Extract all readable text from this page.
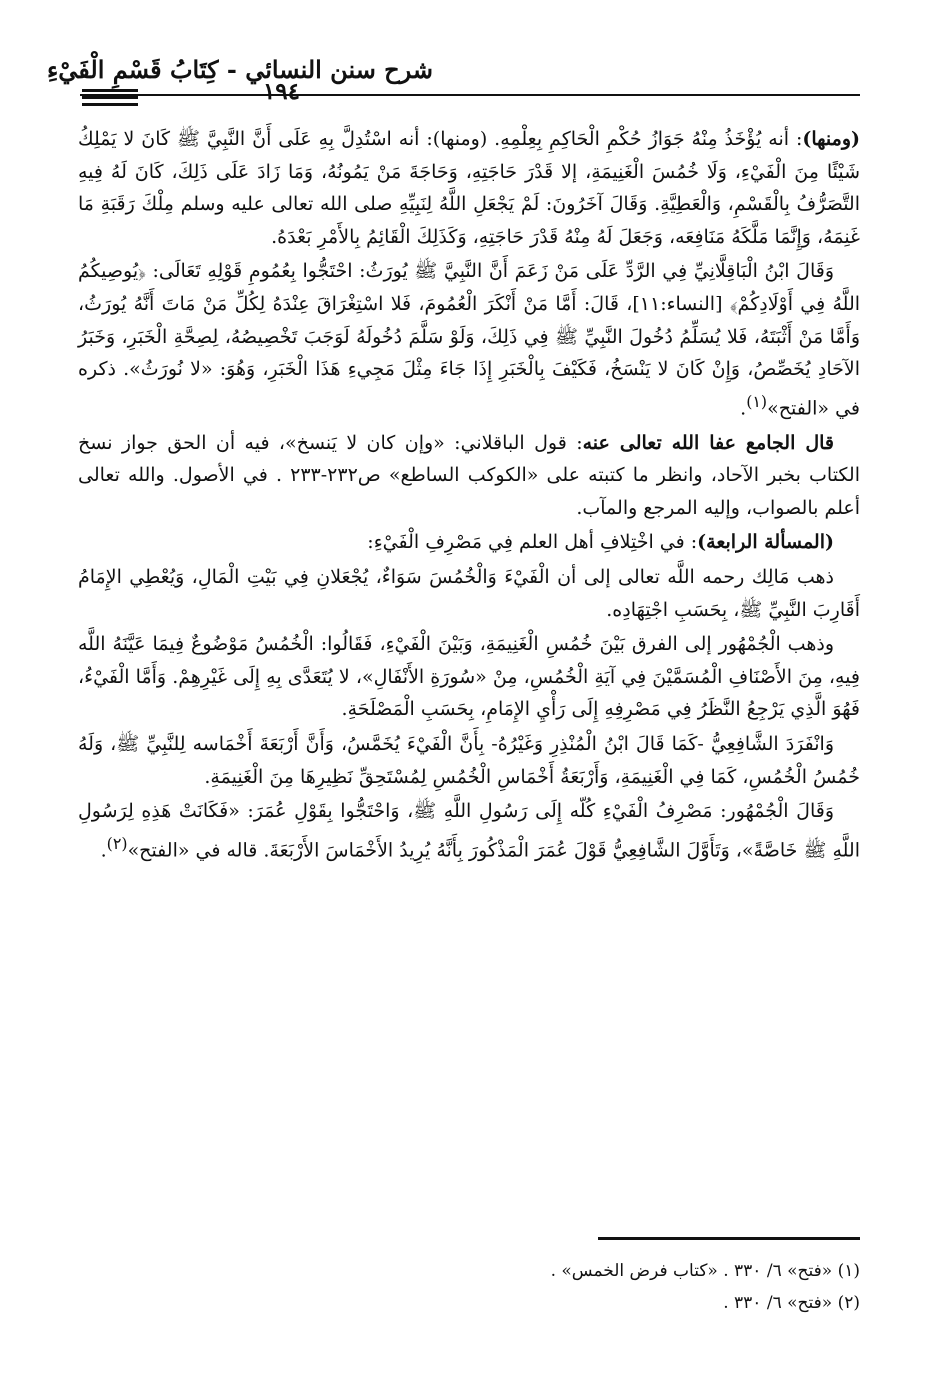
شرح سنن النسائي - كِتَابُ قَسْمِ الْفَيْءِ
١٩٤

(ومنها): أنه يُؤْخَذُ مِنْهُ جَوَازُ حُكْمِ الْحَاكِمِ بِعِلْمِهِ. (ومنها): أنه اسْتُدِلَّ بِهِ عَلَى أَنَّ النَّبِيَّ ﷺ كَانَ لا يَمْلِكُ شَيْئًا مِنَ الْفَيْءِ، وَلَا خُمُسَ الْغَنِيمَةِ، إلا قَدْرَ حَاجَتِهِ، وَحَاجَةَ مَنْ يَمُونُهُ، وَمَا زَادَ عَلَى ذَلِكَ، كَانَ لَهُ فِيهِ التَّصَرُّفُ بِالْقَسْمِ، وَالْعَطِيَّةِ. وَقَالَ آخَرُونَ: لَمْ يَجْعَلِ اللَّهُ لِنَبِيِّهِ صلى الله تعالى عليه وسلم مِلْكَ رَقَبَةِ مَا غَنِمَهُ، وَإِنَّمَا مَلَّكَهُ مَنَافِعَه، وَجَعَلَ لَهُ مِنْهُ قَدْرَ حَاجَتِهِ، وَكَذَلِكَ الْقَائِمُ بِالأَمْرِ بَعْدَهُ.

وَقَالَ ابْنُ الْبَاقِلَّانِيِّ فِي الرَّدِّ عَلَى مَنْ زَعَمَ أَنَّ النَّبِيَّ ﷺ يُورَثُ: احْتَجُّوا بِعُمُومِ قَوْلِهِ تَعَالَى: ﴿يُوصِيكُمُ اللَّهُ فِي أَوْلَادِكُمْ﴾ [النساء:١١]، قَالَ: أَمَّا مَنْ أَنْكَرَ الْعُمُومَ، فَلا اسْتِغْرَاقَ عِنْدَهُ لِكُلِّ مَنْ مَاتَ أَنَّهُ يُورَثُ، وَأَمَّا مَنْ أَثْبَتَهُ، فَلا يُسَلِّمُ دُخُولَ النَّبِيِّ ﷺ فِي ذَلِكَ، وَلَوْ سَلَّمَ دُخُولَهُ لَوَجَبَ تَخْصِيصُهُ، لِصِحَّةِ الْخَبَرِ، وَخَبَرُ الآحَادِ يُخَصِّصُ، وَإِنْ كَانَ لا يَنْسَخُ، فَكَيْفَ بِالْخَبَرِ إِذَا جَاءَ مِثْلَ مَجِيءِ هَذَا الْخَبَرِ، وَهُوَ: «لا نُورَثُ». ذكره في «الفتح»$^{(١)}$.

قال الجامع عفا الله تعالى عنه: قول الباقلاني: «وإن كان لا يَنسخ»، فيه أن الحق جواز نسخ الكتاب بخبر الآحاد، وانظر ما كتبته على «الكوكب الساطع» ص٢٣٢-٢٣٣ . في الأصول. والله تعالى أعلم بالصواب، وإليه المرجع والمآب.

(المسألة الرابعة): في اخْتِلافِ أهل العلم فِي مَصْرِفِ الْفَيْءِ:

ذهب مَالِك رحمه اللَّه تعالى إلى أن الْفَيْءَ وَالْخُمُسَ سَوَاءٌ، يُجْعَلانِ فِي بَيْتِ الْمَالِ، وَيُعْطِي الإِمَامُ أَقَارِبَ النَّبِيِّ ﷺ، بِحَسَبِ اجْتِهَادِه.

وذهب الْجُمْهُور إلى الفرق بَيْنَ خُمُسِ الْغَنِيمَةِ، وَبَيْنَ الْفَيْءِ، فَقَالُوا: الْخُمُسُ مَوْضُوعٌ فِيمَا عَيَّنَهُ اللَّه فِيهِ، مِنَ الأَصْنَافِ الْمُسَمَّيْنَ فِي آيَةِ الْخُمُسِ، مِنْ «سُورَةِ الأَنْفَالِ»، لا يُتَعَدَّى بِهِ إِلَى غَيْرِهِمْ. وَأَمَّا الْفَيْءُ، فَهُوَ الَّذِي يَرْجِعُ النَّظَرُ فِي مَصْرِفِهِ إِلَى رَأْيِ الإِمَامِ، بِحَسَبِ الْمَصْلَحَةِ.

وَانْفَرَدَ الشَّافِعِيُّ -كَمَا قَالَ ابْنُ الْمُنْذِرِ وَغَيْرُهُ- بِأَنَّ الْفَيْءَ يُخَمَّسُ، وَأَنَّ أَرْبَعَةَ أَخْمَاسه لِلنَّبِيِّ ﷺ، وَلَهُ خُمُسُ الْخُمُسِ، كَمَا فِي الْغَنِيمَةِ، وَأَرْبَعَةُ أَخْمَاسِ الْخُمُسِ لِمُسْتَحِقِّ نَظِيرِهَا مِنَ الْغَنِيمَةِ.

وَقَالَ الْجُمْهُور: مَصْرِفُ الْفَيْءِ كُلّه إِلَى رَسُولِ اللَّهِ ﷺ، وَاحْتَجُّوا بِقَوْلِ عُمَرَ: «فَكَانَتْ هَذِهِ لِرَسُولِ اللَّهِ ﷺ خَاصَّةً»، وَتَأَوَّلَ الشَّافِعِيُّ قَوْلَ عُمَرَ الْمَذْكُورَ بِأَنَّهُ يُرِيدُ الأَخْمَاسَ الأَرْبَعَةَ. قاله في «الفتح»$^{(٢)}$.

(١) «فتح» ٦/ ٣٣٠ . «كتاب فرض الخمس» .
(٢) «فتح» ٦/ ٣٣٠ .
